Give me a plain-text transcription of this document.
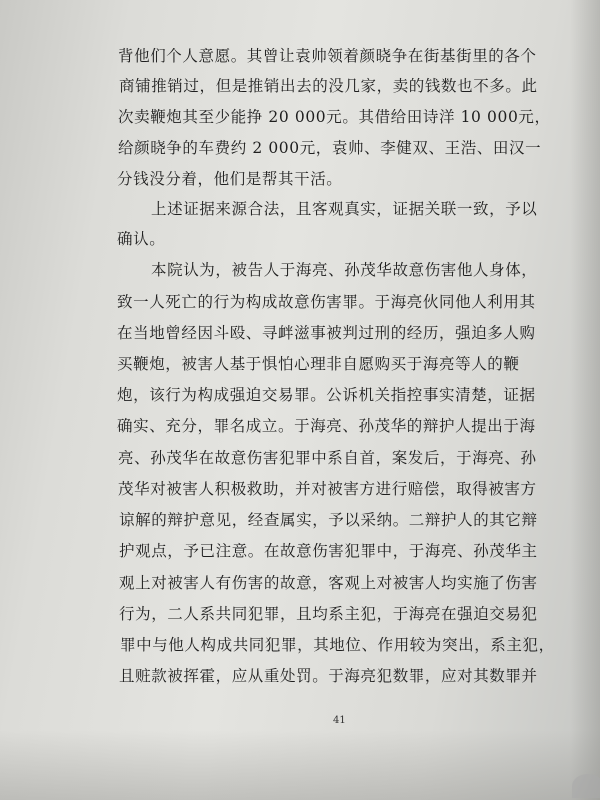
背他们个人意愿。其曾让袁帅领着颜晓争在街基街里的各个
商铺推销过，但是推销出去的没几家，卖的钱数也不多。此
次卖鞭炮其至少能挣 20 000元。其借给田诗洋 10 000元，
给颜晓争的车费约 2 000元，袁帅、李健双、王浩、田汉一
分钱没分着，他们是帮其干活。
上述证据来源合法，且客观真实，证据关联一致，予以
确认。
本院认为，被告人于海亮、孙茂华故意伤害他人身体，
致一人死亡的行为构成故意伤害罪。于海亮伙同他人利用其
在当地曾经因斗殴、寻衅滋事被判过刑的经历，强迫多人购
买鞭炮，被害人基于惧怕心理非自愿购买于海亮等人的鞭
炮，该行为构成强迫交易罪。公诉机关指控事实清楚，证据
确实、充分，罪名成立。于海亮、孙茂华的辩护人提出于海
亮、孙茂华在故意伤害犯罪中系自首，案发后，于海亮、孙
茂华对被害人积极救助，并对被害方进行赔偿，取得被害方
谅解的辩护意见，经查属实，予以采纳。二辩护人的其它辩
护观点，予已注意。在故意伤害犯罪中，于海亮、孙茂华主
观上对被害人有伤害的故意，客观上对被害人均实施了伤害
行为，二人系共同犯罪，且均系主犯，于海亮在强迫交易犯
罪中与他人构成共同犯罪，其地位、作用较为突出，系主犯，
且赃款被挥霍，应从重处罚。于海亮犯数罪，应对其数罪并
41
